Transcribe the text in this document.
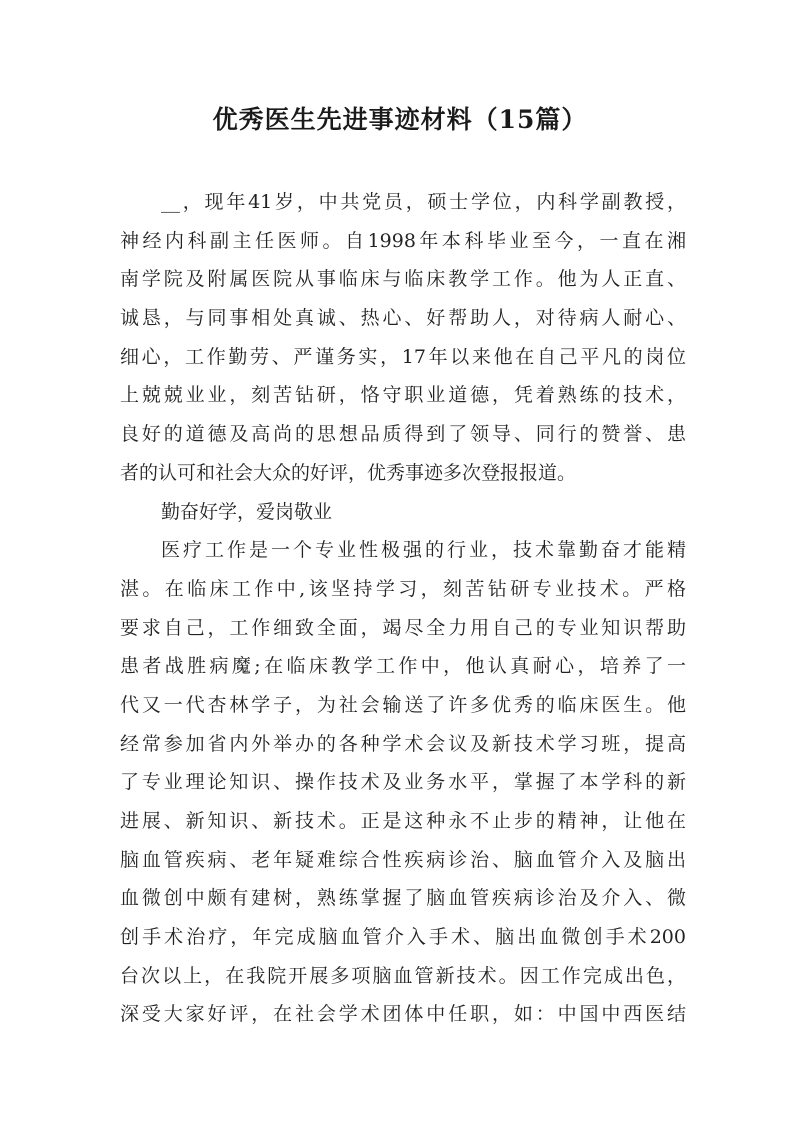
优秀医生先进事迹材料（15篇）
__，现年41岁，中共党员，硕士学位，内科学副教授，
神经内科副主任医师。自1998年本科毕业至今，一直在湘
南学院及附属医院从事临床与临床教学工作。他为人正直、
诚恳，与同事相处真诚、热心、好帮助人，对待病人耐心、
细心，工作勤劳、严谨务实，17年以来他在自己平凡的岗位
上兢兢业业，刻苦钻研，恪守职业道德，凭着熟练的技术，
良好的道德及高尚的思想品质得到了领导、同行的赞誉、患
者的认可和社会大众的好评，优秀事迹多次登报报道。
勤奋好学，爱岗敬业
医疗工作是一个专业性极强的行业，技术靠勤奋才能精
湛。在临床工作中,该坚持学习，刻苦钻研专业技术。严格
要求自己，工作细致全面，竭尽全力用自己的专业知识帮助
患者战胜病魔;在临床教学工作中，他认真耐心，培养了一
代又一代杏林学子，为社会输送了许多优秀的临床医生。他
经常参加省内外举办的各种学术会议及新技术学习班，提高
了专业理论知识、操作技术及业务水平，掌握了本学科的新
进展、新知识、新技术。正是这种永不止步的精神，让他在
脑血管疾病、老年疑难综合性疾病诊治、脑血管介入及脑出
血微创中颇有建树，熟练掌握了脑血管疾病诊治及介入、微
创手术治疗，年完成脑血管介入手术、脑出血微创手术200
台次以上，在我院开展多项脑血管新技术。因工作完成出色，
深受大家好评，在社会学术团体中任职，如：中国中西医结
